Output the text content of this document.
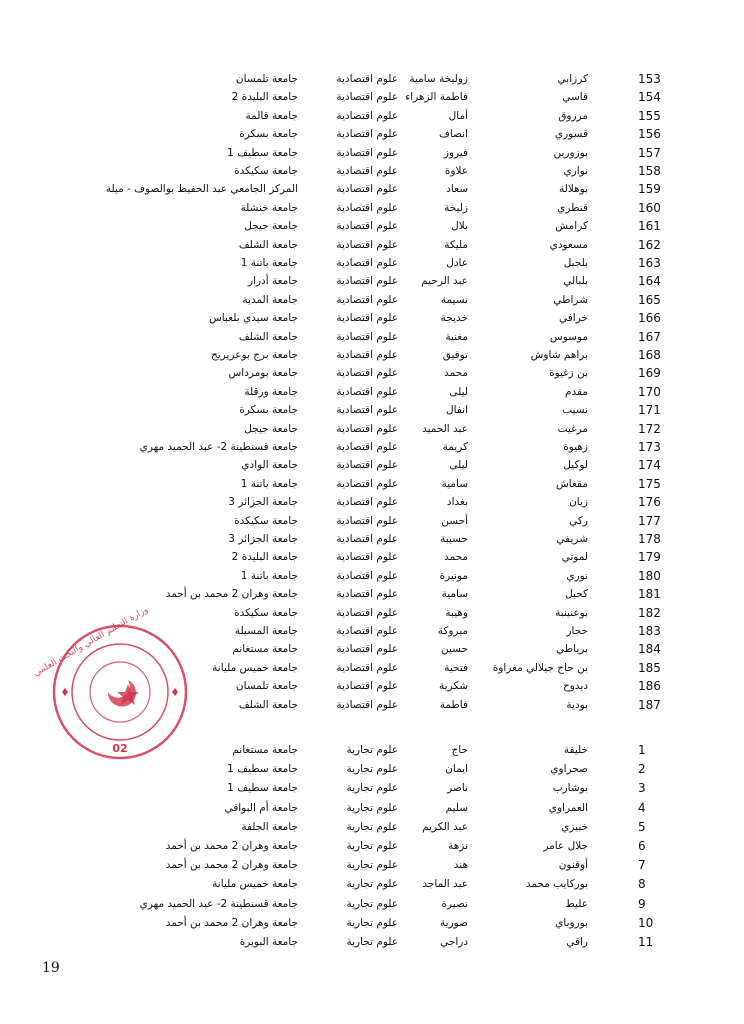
153
كرزابي
زوليخة سامية
علوم اقتصادية
جامعة تلمسان
154
قاسي
فاطمة الزهراء
علوم اقتصادية
جامعة البليدة 2
155
مرزوق
أمال
علوم اقتصادية
جامعة قالمة
156
قسوري
انصاف
علوم اقتصادية
جامعة بسكرة
157
بوزورين
فيروز
علوم اقتصادية
جامعة سطيف 1
158
نواري
علاوة
علوم اقتصادية
جامعة سكيكدة
159
بوهلالة
سعاد
علوم اقتصادية
المركز الجامعي عبد الحفيظ بوالصوف - ميلة
160
قنطري
زليخة
علوم اقتصادية
جامعة خنشلة
161
كرامش
بلال
علوم اقتصادية
جامعة جيجل
162
مسعودي
مليكة
علوم اقتصادية
جامعة الشلف
163
بلجبل
عادل
علوم اقتصادية
جامعة باتنة 1
164
بلبالي
عبد الرحيم
علوم اقتصادية
جامعة أدرار
165
شراطي
نسيمة
علوم اقتصادية
جامعة المدية
166
خرافي
خديجة
علوم اقتصادية
جامعة سيدي بلعباس
167
موسوس
مغنية
علوم اقتصادية
جامعة الشلف
168
براهم شاوش
توفيق
علوم اقتصادية
جامعة برج بوعريريج
169
بن زغيوة
محمد
علوم اقتصادية
جامعة بومرداس
170
مقدم
ليلى
علوم اقتصادية
جامعة ورقلة
171
نسيب
انفال
علوم اقتصادية
جامعة بسكرة
172
مرغيت
عبد الحميد
علوم اقتصادية
جامعة جيجل
173
زهيوة
كريمة
علوم اقتصادية
جامعة قسنطينة 2- عبد الحميد مهري
174
لوكيل
ليلى
علوم اقتصادية
جامعة الوادي
175
مقعاش
سامية
علوم اقتصادية
جامعة باتنة 1
176
زيان
بغداد
علوم اقتصادية
جامعة الجزائر 3
177
ركي
أحسن
علوم اقتصادية
جامعة سكيكدة
178
شريفي
حسيبة
علوم اقتصادية
جامعة الجزائر 3
179
لموتي
محمد
علوم اقتصادية
جامعة البليدة 2
180
نوري
مونيرة
علوم اقتصادية
جامعة باتنة 1
181
كحيل
سامية
علوم اقتصادية
جامعة وهران 2 محمد بن أحمد
182
بوعنينبة
وهيبة
علوم اقتصادية
جامعة سكيكدة
183
حجار
مبروكة
علوم اقتصادية
جامعة المسيلة
184
برياطي
حسين
علوم اقتصادية
جامعة مستغانم
185
بن حاج جيلالي مغراوة
فتحية
علوم اقتصادية
جامعة خميس مليانة
186
ديدوح
شكرية
علوم اقتصادية
جامعة تلمسان
187
بودية
فاطمة
علوم اقتصادية
جامعة الشلف
1
خليفة
حاج
علوم تجارية
جامعة مستغانم
2
صحراوي
ايمان
علوم تجارية
جامعة سطيف 1
3
بوشارب
ناصر
علوم تجارية
جامعة سطيف 1
4
العمراوي
سليم
علوم تجارية
جامعة أم البواقي
5
خبيزي
عبد الكريم
علوم تجارية
جامعة الجلفة
6
جلال عامر
نزهة
علوم تجارية
جامعة وهران 2 محمد بن أحمد
7
أوقنون
هند
علوم تجارية
جامعة وهران 2 محمد بن أحمد
8
بوركايب محمد
عبد الماجد
علوم تجارية
جامعة خميس مليانة
9
عليط
نصيرة
علوم تجارية
جامعة قسنطينة 2- عبد الحميد مهري
10
بوروباي
صورية
علوم تجارية
جامعة وهران 2 محمد بن أحمد
11
راقي
دراجي
علوم تجارية
جامعة البويرة
وزارة التعليم العالي والبحث العلمي
02
19
